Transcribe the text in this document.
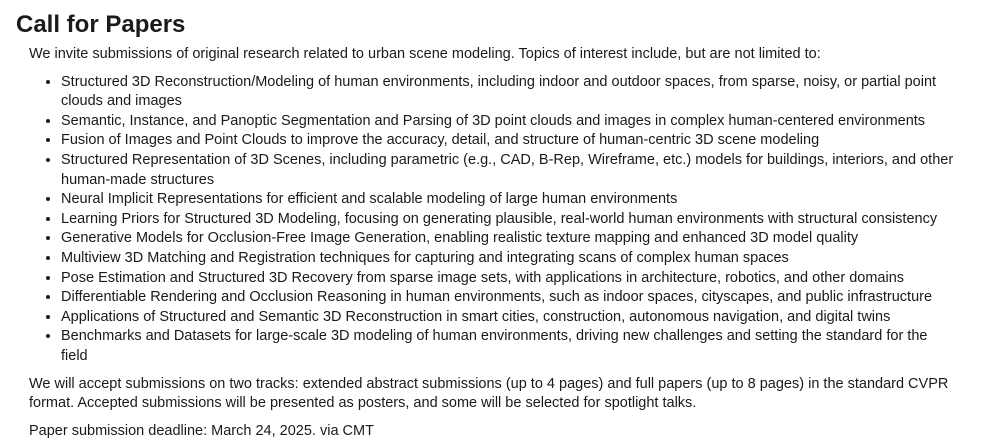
Call for Papers

We invite submissions of original research related to urban scene modeling. Topics of interest include, but are not limited to:

• Structured 3D Reconstruction/Modeling of human environments, including indoor and outdoor spaces, from sparse, noisy, or partial point clouds and images
• Semantic, Instance, and Panoptic Segmentation and Parsing of 3D point clouds and images in complex human-centered environments
• Fusion of Images and Point Clouds to improve the accuracy, detail, and structure of human-centric 3D scene modeling
• Structured Representation of 3D Scenes, including parametric (e.g., CAD, B-Rep, Wireframe, etc.) models for buildings, interiors, and other human-made structures
• Neural Implicit Representations for efficient and scalable modeling of large human environments
• Learning Priors for Structured 3D Modeling, focusing on generating plausible, real-world human environments with structural consistency
• Generative Models for Occlusion-Free Image Generation, enabling realistic texture mapping and enhanced 3D model quality
• Multiview 3D Matching and Registration techniques for capturing and integrating scans of complex human spaces
• Pose Estimation and Structured 3D Recovery from sparse image sets, with applications in architecture, robotics, and other domains
• Differentiable Rendering and Occlusion Reasoning in human environments, such as indoor spaces, cityscapes, and public infrastructure
• Applications of Structured and Semantic 3D Reconstruction in smart cities, construction, autonomous navigation, and digital twins
• Benchmarks and Datasets for large-scale 3D modeling of human environments, driving new challenges and setting the standard for the field

We will accept submissions on two tracks: extended abstract submissions (up to 4 pages) and full papers (up to 8 pages) in the standard CVPR format. Accepted submissions will be presented as posters, and some will be selected for spotlight talks.

Paper submission deadline: March 24, 2025. via CMT
